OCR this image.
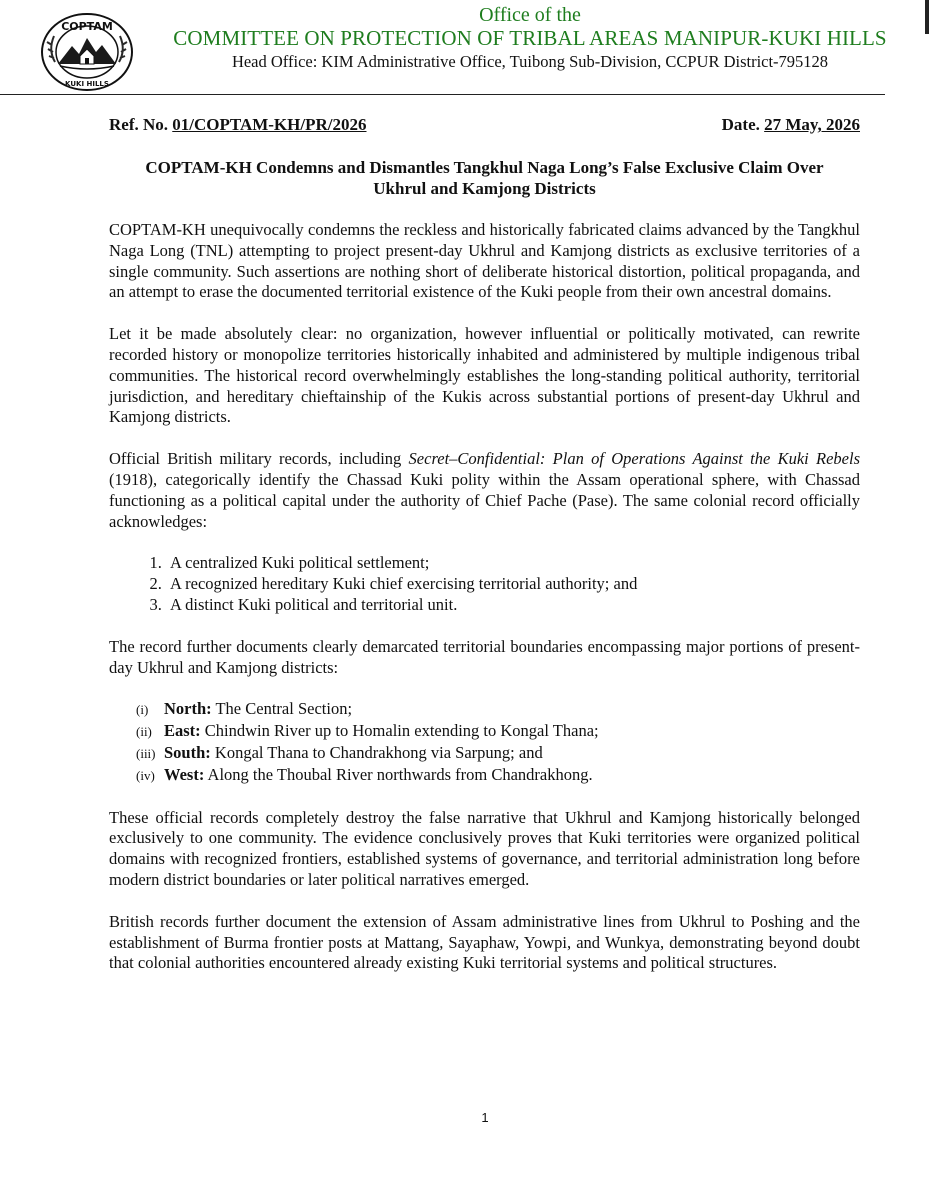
COPTAM
KUKI HILLS
Office of the
COMMITTEE ON PROTECTION OF TRIBAL AREAS MANIPUR-KUKI HILLS
Head Office: KIM Administrative Office, Tuibong Sub-Division, CCPUR District-795128
Ref. No. 01/COPTAM-KH/PR/2026	Date. 27 May, 2026
COPTAM-KH Condemns and Dismantles Tangkhul Naga Long’s False Exclusive Claim Over
Ukhrul and Kamjong Districts

COPTAM-KH unequivocally condemns the reckless and historically fabricated claims advanced by the Tangkhul Naga Long (TNL) attempting to project present-day Ukhrul and Kamjong districts as exclusive territories of a single community. Such assertions are nothing short of deliberate historical distortion, political propaganda, and an attempt to erase the documented territorial existence of the Kuki people from their own ancestral domains.

Let it be made absolutely clear: no organization, however influential or politically motivated, can rewrite recorded history or monopolize territories historically inhabited and administered by multiple indigenous tribal communities. The historical record overwhelmingly establishes the long-standing political authority, territorial jurisdiction, and hereditary chieftainship of the Kukis across substantial portions of present-day Ukhrul and Kamjong districts.

Official British military records, including Secret–Confidential: Plan of Operations Against the Kuki Rebels (1918), categorically identify the Chassad Kuki polity within the Assam operational sphere, with Chassad functioning as a political capital under the authority of Chief Pache (Pase). The same colonial record officially acknowledges:

1. A centralized Kuki political settlement;
2. A recognized hereditary Kuki chief exercising territorial authority; and
3. A distinct Kuki political and territorial unit.

The record further documents clearly demarcated territorial boundaries encompassing major portions of present-day Ukhrul and Kamjong districts:

(i) North: The Central Section;
(ii) East: Chindwin River up to Homalin extending to Kongal Thana;
(iii) South: Kongal Thana to Chandrakhong via Sarpung; and
(iv) West: Along the Thoubal River northwards from Chandrakhong.

These official records completely destroy the false narrative that Ukhrul and Kamjong historically belonged exclusively to one community. The evidence conclusively proves that Kuki territories were organized political domains with recognized frontiers, established systems of governance, and territorial administration long before modern district boundaries or later political narratives emerged.

British records further document the extension of Assam administrative lines from Ukhrul to Poshing and the establishment of Burma frontier posts at Mattang, Sayaphaw, Yowpi, and Wunkya, demonstrating beyond doubt that colonial authorities encountered already existing Kuki territorial systems and political structures.

1
